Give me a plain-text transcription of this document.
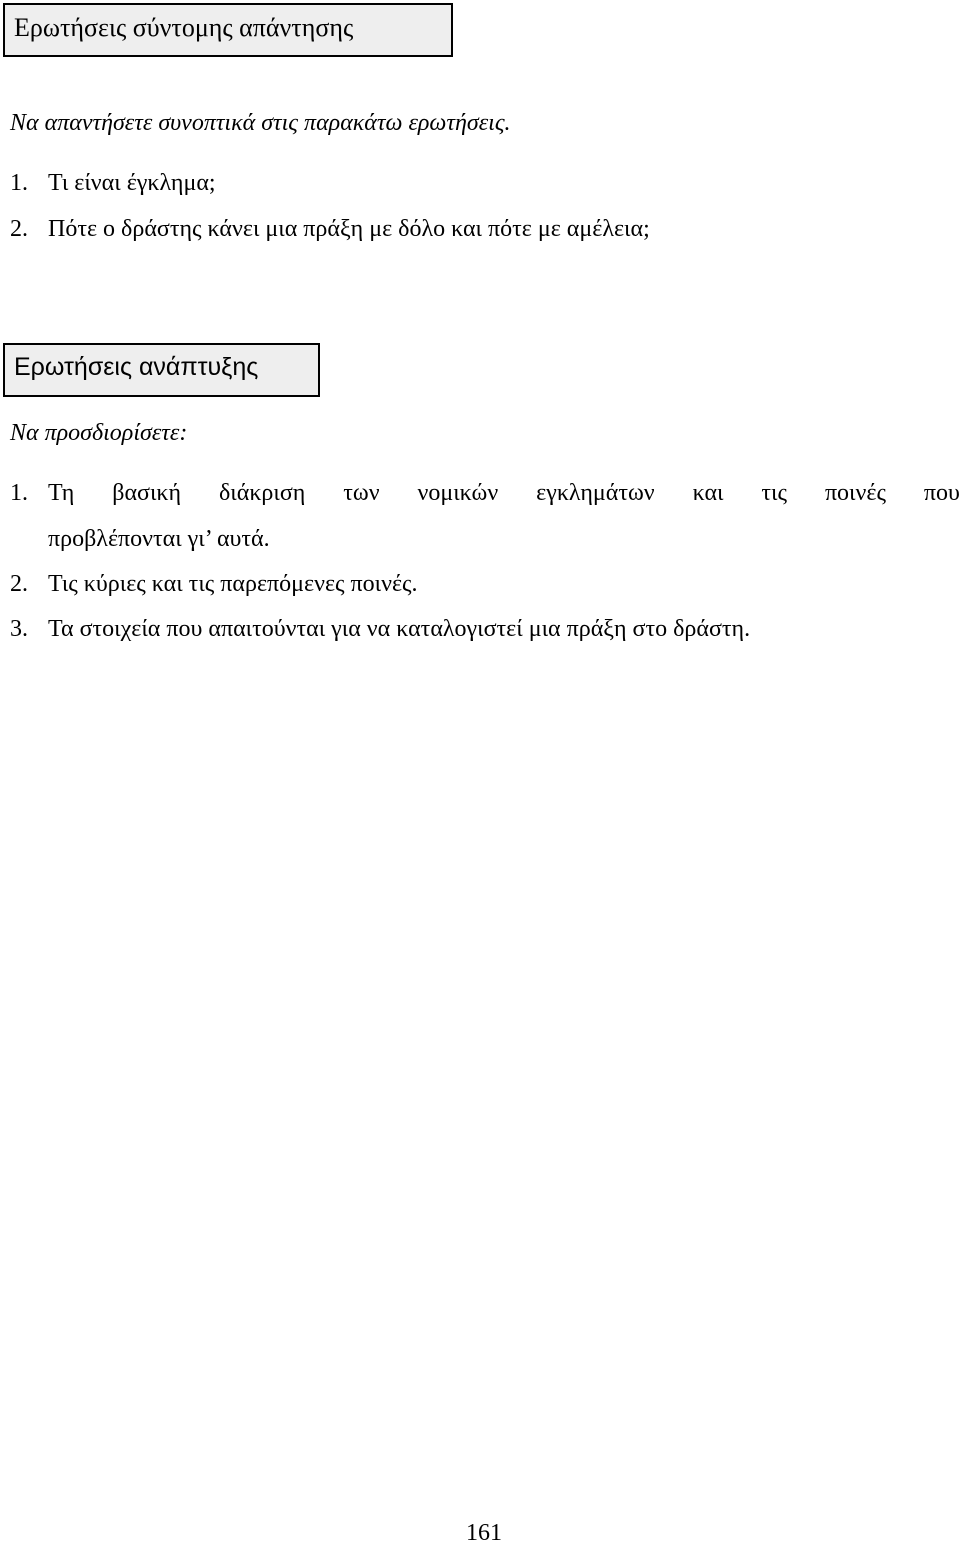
Ερωτήσεις σύντομης απάντησης
Να απαντήσετε συνοπτικά στις παρακάτω ερωτήσεις.
1. Τι είναι έγκλημα;
2. Πότε ο δράστης κάνει μια πράξη με δόλο και πότε με αμέλεια;
Ερωτήσεις ανάπτυξης
Να προσδιορίσετε:
1. Τη βασική διάκριση των νομικών εγκλημάτων και τις ποινές που
προβλέπονται γι’ αυτά.
2. Τις κύριες και τις παρεπόμενες ποινές.
3. Τα στοιχεία που απαιτούνται για να καταλογιστεί μια πράξη στο δράστη.
161
